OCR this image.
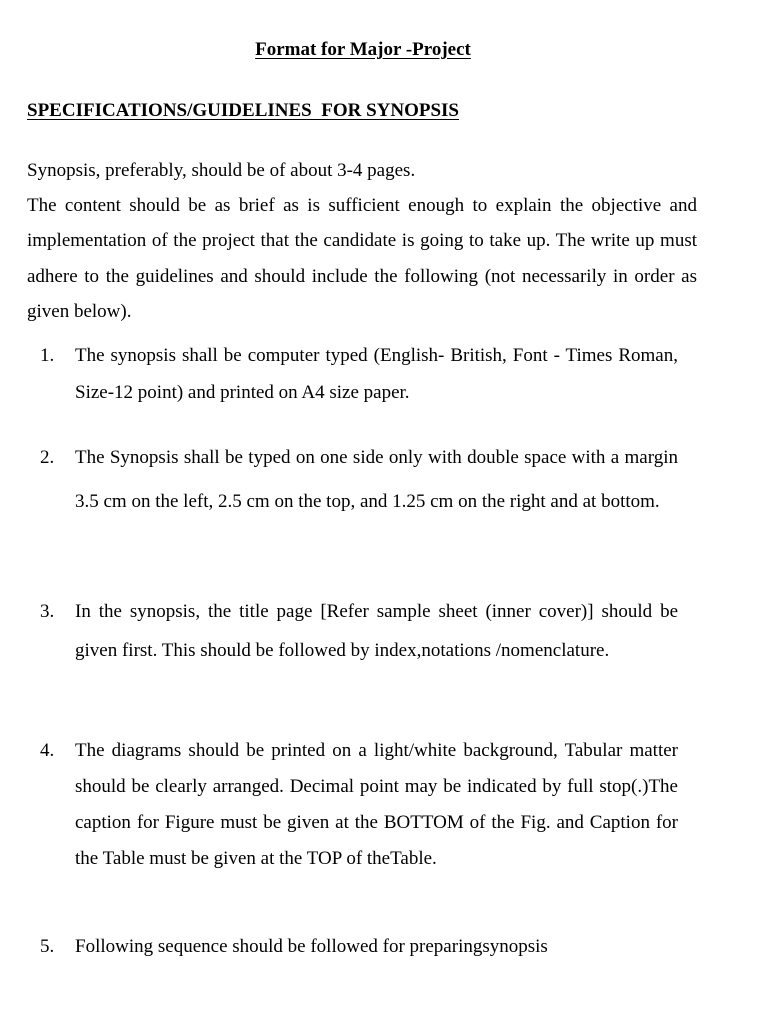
Format for Major -Project
SPECIFICATIONS/GUIDELINES  FOR SYNOPSIS

Synopsis, preferably, should be of about 3-4 pages.

The content should be as brief as is sufficient enough to explain the objective and implementation of the project that the candidate is going to take up. The write up must adhere to the guidelines and should include the following (not necessarily in order as given below).

1. The synopsis shall be computer typed (English- British, Font - Times Roman, Size-12 point) and printed on A4 size paper.
2. The Synopsis shall be typed on one side only with double space with a margin 3.5 cm on the left, 2.5 cm on the top, and 1.25 cm on the right and at bottom.
3. In the synopsis, the title page [Refer sample sheet (inner cover)] should be given first. This should be followed by index,notations /nomenclature.
4. The diagrams should be printed on a light/white background, Tabular matter should be clearly arranged. Decimal point may be indicated by full stop(.)The caption for Figure must be given at the BOTTOM of the Fig. and Caption for the Table must be given at the TOP of theTable.
5. Following sequence should be followed for preparingsynopsis
